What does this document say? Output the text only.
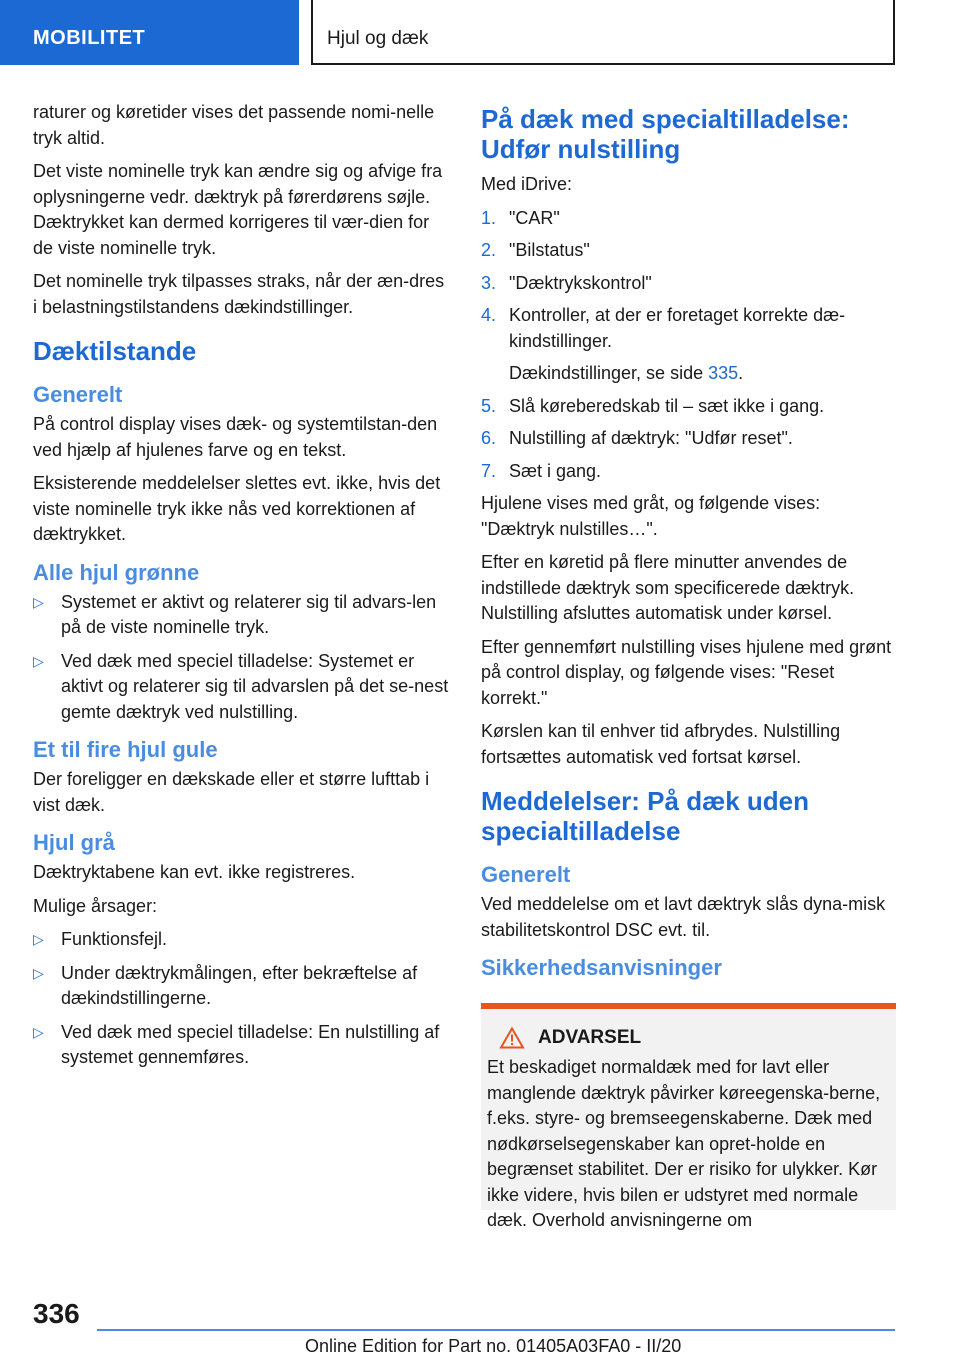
MOBILITET	Hjul og dæk

raturer og køretider vises det passende nomi-nelle tryk altid.

Det viste nominelle tryk kan ændre sig og afvige fra oplysningerne vedr. dæktryk på førerdørens søjle. Dæktrykket kan dermed korrigeres til vær-dien for de viste nominelle tryk.

Det nominelle tryk tilpasses straks, når der æn-dres i belastningstilstandens dækindstillinger.

Dæktilstande
Generelt

På control display vises dæk- og systemtilstan-den ved hjælp af hjulenes farve og en tekst.

Eksisterende meddelelser slettes evt. ikke, hvis det viste nominelle tryk ikke nås ved korrektionen af dæktrykket.

Alle hjul grønne
▷ Systemet er aktivt og relaterer sig til advars-len på de viste nominelle tryk.
▷ Ved dæk med speciel tilladelse: Systemet er aktivt og relaterer sig til advarslen på det se-nest gemte dæktryk ved nulstilling.
Et til fire hjul gule

Der foreligger en dækskade eller et større lufttab i vist dæk.

Hjul grå

Dæktryktabene kan evt. ikke registreres.

Mulige årsager:

▷ Funktionsfejl.
▷ Under dæktrykmålingen, efter bekræftelse af dækindstillingerne.
▷ Ved dæk med speciel tilladelse: En nulstilling af systemet gennemføres.
På dæk med specialtilladelse: Udfør nulstilling

Med iDrive:

1. "CAR"
2. "Bilstatus"
3. "Dæktrykskontrol"
4. Kontroller, at der er foretaget korrekte dæ-kindstillinger.
Dækindstillinger, se side 335.
5. Slå køreberedskab til – sæt ikke i gang.
6. Nulstilling af dæktryk: "Udfør reset".
7. Sæt i gang.

Hjulene vises med gråt, og følgende vises: "Dæktryk nulstilles…".

Efter en køretid på flere minutter anvendes de indstillede dæktryk som specificerede dæktryk. Nulstilling afsluttes automatisk under kørsel.

Efter gennemført nulstilling vises hjulene med grønt på control display, og følgende vises: "Reset korrekt."

Kørslen kan til enhver tid afbrydes. Nulstilling fortsættes automatisk ved fortsat kørsel.

Meddelelser: På dæk uden specialtilladelse
Generelt

Ved meddelelse om et lavt dæktryk slås dyna-misk stabilitetskontrol DSC evt. til.

Sikkerhedsanvisninger
ADVARSEL

Et beskadiget normaldæk med for lavt eller manglende dæktryk påvirker køreegenska-berne, f.eks. styre- og bremseegenskaberne. Dæk med nødkørselsegenskaber kan opret-holde en begrænset stabilitet. Der er risiko for ulykker. Kør ikke videre, hvis bilen er udstyret med normale dæk. Overhold anvisningerne om

336
Online Edition for Part no. 01405A03FA0 - II/20
